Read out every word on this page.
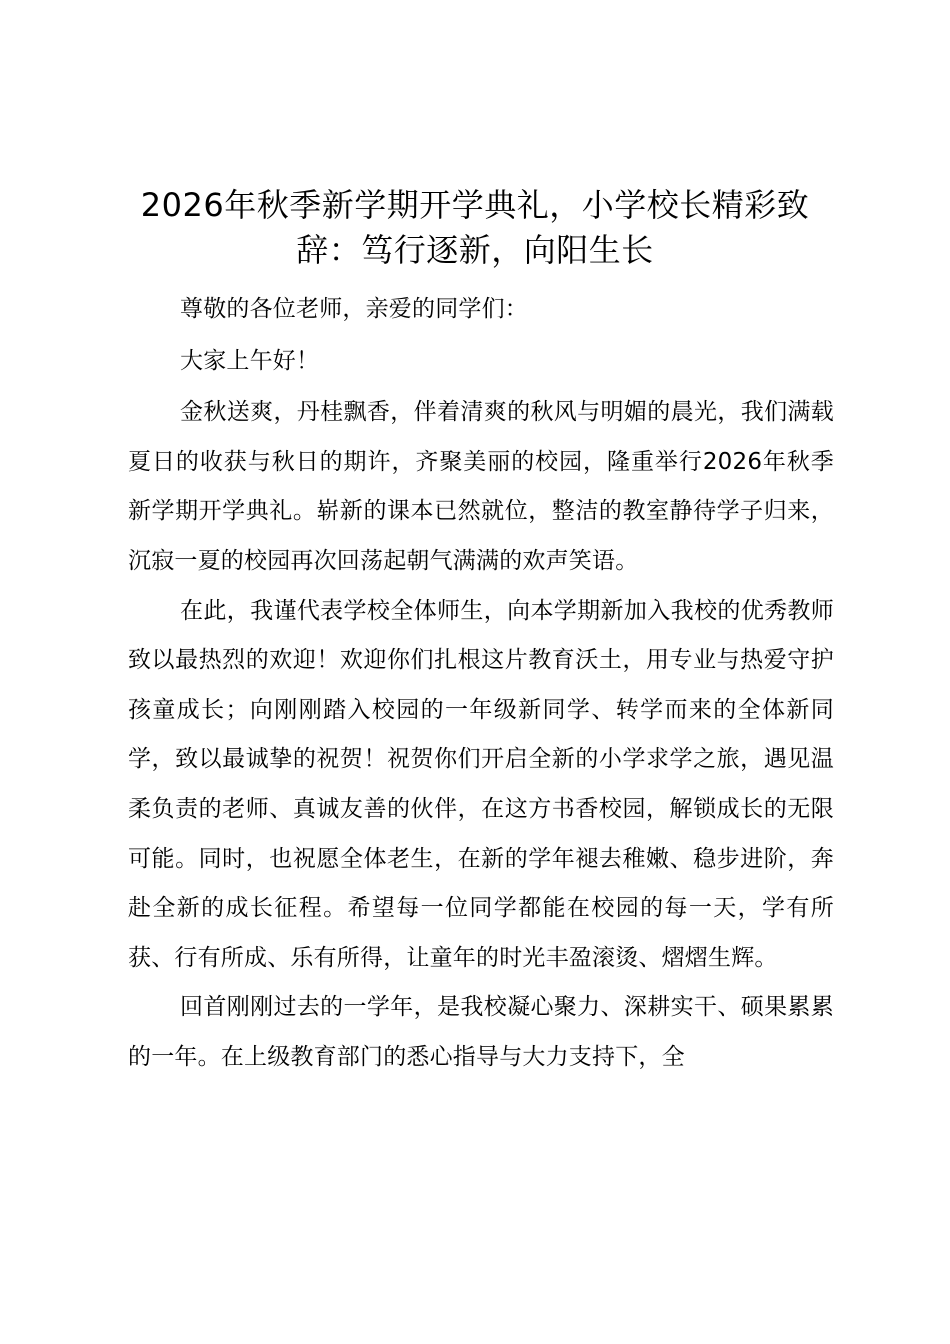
2026年秋季新学期开学典礼，小学校长精彩致辞：笃行逐新，向阳生长

尊敬的各位老师，亲爱的同学们：

大家上午好！

金秋送爽，丹桂飘香，伴着清爽的秋风与明媚的晨光，我们满载夏日的收获与秋日的期许，齐聚美丽的校园，隆重举行2026年秋季新学期开学典礼。崭新的课本已然就位，整洁的教室静待学子归来，沉寂一夏的校园再次回荡起朝气满满的欢声笑语。

在此，我谨代表学校全体师生，向本学期新加入我校的优秀教师致以最热烈的欢迎！欢迎你们扎根这片教育沃土，用专业与热爱守护孩童成长；向刚刚踏入校园的一年级新同学、转学而来的全体新同学，致以最诚挚的祝贺！祝贺你们开启全新的小学求学之旅，遇见温柔负责的老师、真诚友善的伙伴，在这方书香校园，解锁成长的无限可能。同时，也祝愿全体老生，在新的学年褪去稚嫩、稳步进阶，奔赴全新的成长征程。希望每一位同学都能在校园的每一天，学有所获、行有所成、乐有所得，让童年的时光丰盈滚烫、熠熠生辉。

回首刚刚过去的一学年，是我校凝心聚力、深耕实干、硕果累累的一年。在上级教育部门的悉心指导与大力支持下，全
